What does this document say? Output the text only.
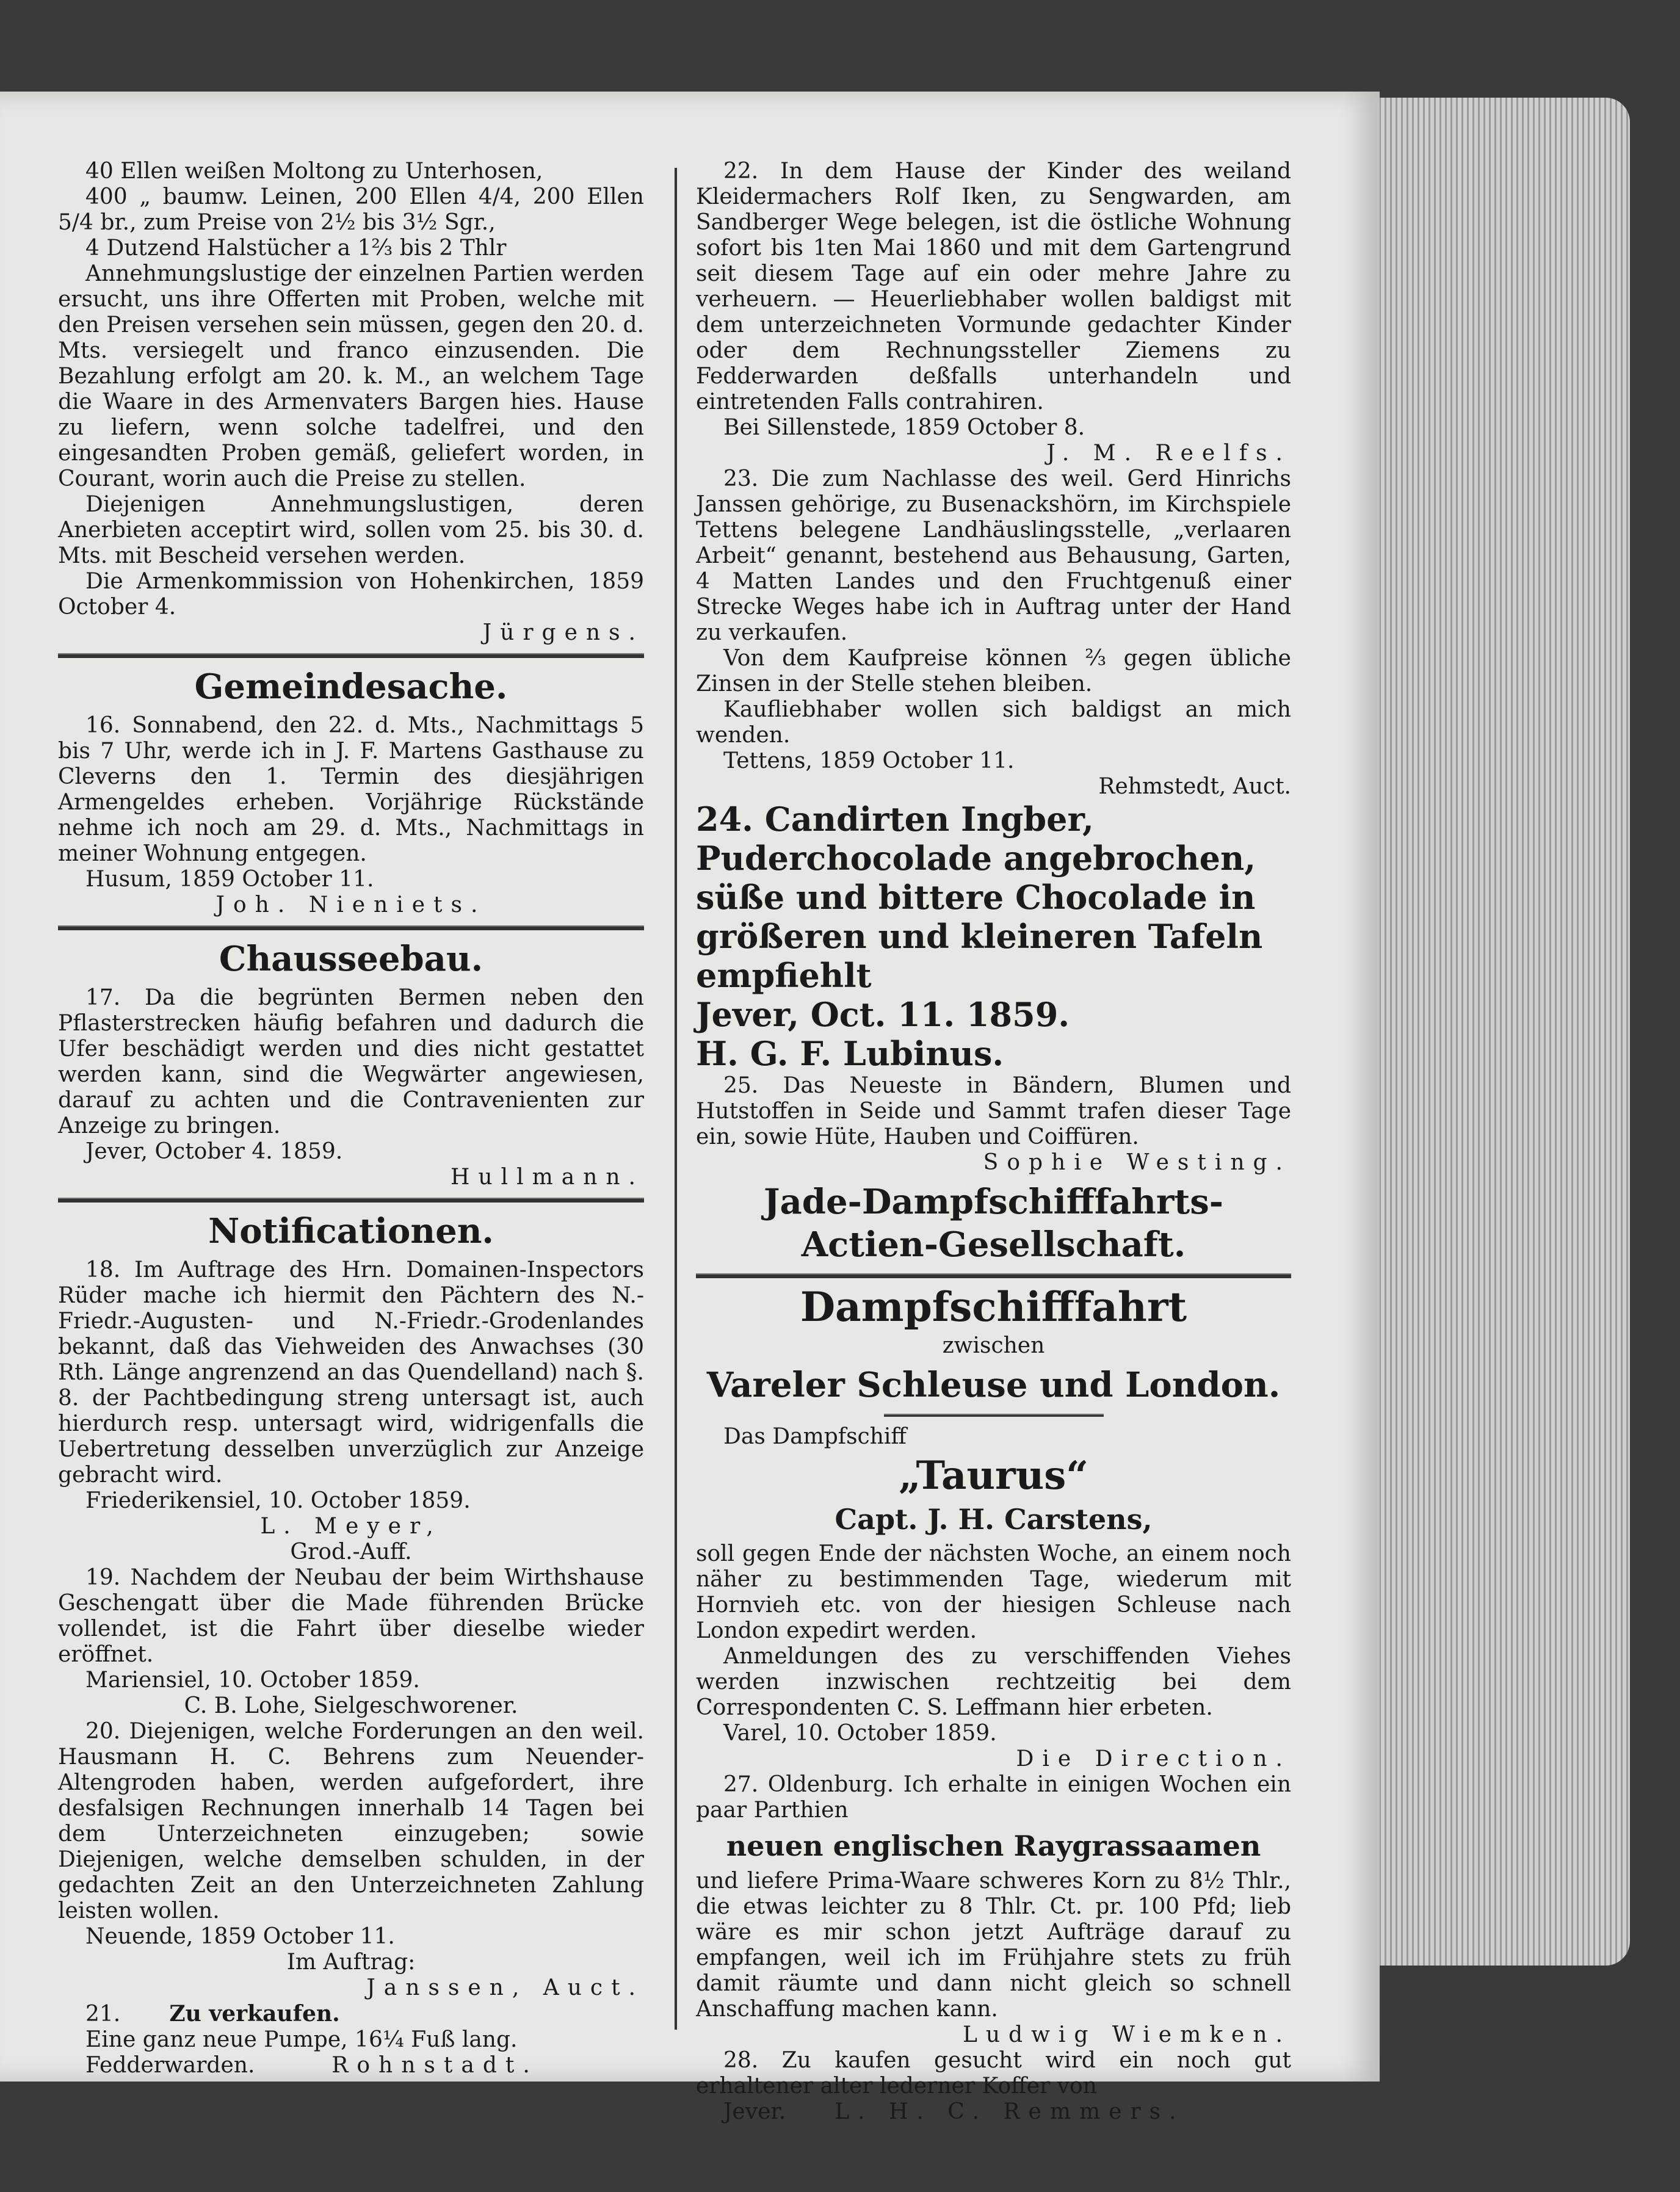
40 Ellen weißen Moltong zu Unterhosen,

400 „ baumw. Leinen, 200 Ellen 4/4, 200 Ellen 5/4 br., zum Preise von 2½ bis 3½ Sgr.,

4 Dutzend Halstücher a 1⅔ bis 2 Thlr

Annehmungslustige der einzelnen Partien werden ersucht, uns ihre Offerten mit Proben, welche mit den Preisen versehen sein müssen, gegen den 20. d. Mts. versiegelt und franco einzusenden. Die Bezahlung erfolgt am 20. k. M., an welchem Tage die Waare in des Armenvaters Bargen hies. Hause zu liefern, wenn solche tadelfrei, und den eingesandten Proben gemäß, geliefert worden, in Courant, worin auch die Preise zu stellen.

Diejenigen Annehmungslustigen, deren Anerbieten acceptirt wird, sollen vom 25. bis 30. d. Mts. mit Bescheid versehen werden.

Die Armenkommission von Hohenkirchen, 1859 October 4.

Jürgens.

Gemeindesache.

16. Sonnabend, den 22. d. Mts., Nachmittags 5 bis 7 Uhr, werde ich in J. F. Martens Gasthause zu Cleverns den 1. Termin des diesjährigen Armengeldes erheben. Vorjährige Rückstände nehme ich noch am 29. d. Mts., Nachmittags in meiner Wohnung entgegen.

Husum, 1859 October 11.

Joh. Nieniets.

Chausseebau.

17. Da die begrünten Bermen neben den Pflasterstrecken häufig befahren und dadurch die Ufer beschädigt werden und dies nicht gestattet werden kann, sind die Wegwärter angewiesen, darauf zu achten und die Contravenienten zur Anzeige zu bringen.

Jever, October 4. 1859.

Hullmann.

Notificationen.

18. Im Auftrage des Hrn. Domainen-Inspectors Rüder mache ich hiermit den Pächtern des N.-Friedr.-Augusten- und N.-Friedr.-Grodenlandes bekannt, daß das Viehweiden des Anwachses (30 Rth. Länge angrenzend an das Quendelland) nach §. 8. der Pachtbedingung streng untersagt ist, auch hierdurch resp. untersagt wird, widrigenfalls die Uebertretung desselben unverzüglich zur Anzeige gebracht wird.

Friederikensiel, 10. October 1859.

L. Meyer,

Grod.-Auff.

19. Nachdem der Neubau der beim Wirthshause Geschengatt über die Made führenden Brücke vollendet, ist die Fahrt über dieselbe wieder eröffnet.

Mariensiel, 10. October 1859.

C. B. Lohe, Sielgeschworener.

20. Diejenigen, welche Forderungen an den weil. Hausmann H. C. Behrens zum Neuender-Altengroden haben, werden aufgefordert, ihre desfalsigen Rechnungen innerhalb 14 Tagen bei dem Unterzeichneten einzugeben; sowie Diejenigen, welche demselben schulden, in der gedachten Zeit an den Unterzeichneten Zahlung leisten wollen.

Neuende, 1859 October 11.

Im Auftrag:

Janssen, Auct.

21. Zu verkaufen.

Eine ganz neue Pumpe, 16¼ Fuß lang.

Fedderwarden.	Rohnstadt.

22. In dem Hause der Kinder des weiland Kleidermachers Rolf Iken, zu Sengwarden, am Sandberger Wege belegen, ist die östliche Wohnung sofort bis 1ten Mai 1860 und mit dem Gartengrund seit diesem Tage auf ein oder mehre Jahre zu verheuern. — Heuerliebhaber wollen baldigst mit dem unterzeichneten Vormunde gedachter Kinder oder dem Rechnungssteller Ziemens zu Fedderwarden deßfalls unterhandeln und eintretenden Falls contrahiren.

Bei Sillenstede, 1859 October 8.

J. M. Reelfs.

23. Die zum Nachlasse des weil. Gerd Hinrichs Janssen gehörige, zu Busenackshörn, im Kirchspiele Tettens belegene Landhäuslingsstelle, „verlaaren Arbeit“ genannt, bestehend aus Behausung, Garten, 4 Matten Landes und den Fruchtgenuß einer Strecke Weges habe ich in Auftrag unter der Hand zu verkaufen.

Von dem Kaufpreise können ⅔ gegen übliche Zinsen in der Stelle stehen bleiben.

Kaufliebhaber wollen sich baldigst an mich wenden.

Tettens, 1859 October 11.

Rehmstedt, Auct.

24. Candirten Ingber, Puderchocolade angebrochen, süße und bittere Chocolade in größeren und kleineren Tafeln empfiehlt

Jever, Oct. 11. 1859.

H. G. F. Lubinus.

25. Das Neueste in Bändern, Blumen und Hutstoffen in Seide und Sammt trafen dieser Tage ein, sowie Hüte, Hauben und Coiffüren.

Sophie Westing.

Jade-Dampfschifffahrts-Actien-Gesellschaft.
Dampfschifffahrt

zwischen

Vareler Schleuse und London.

Das Dampfschiff

„Taurus“
Capt. J. H. Carstens,

soll gegen Ende der nächsten Woche, an einem noch näher zu bestimmenden Tage, wiederum mit Hornvieh etc. von der hiesigen Schleuse nach London expedirt werden.

Anmeldungen des zu verschiffenden Viehes werden inzwischen rechtzeitig bei dem Correspondenten C. S. Leffmann hier erbeten.

Varel, 10. October 1859.

Die Direction.

27. Oldenburg. Ich erhalte in einigen Wochen ein paar Parthien

neuen englischen Raygrassaamen

und liefere Prima-Waare schweres Korn zu 8½ Thlr., die etwas leichter zu 8 Thlr. Ct. pr. 100 Pfd; lieb wäre es mir schon jetzt Aufträge darauf zu empfangen, weil ich im Frühjahre stets zu früh damit räumte und dann nicht gleich so schnell Anschaffung machen kann.

Ludwig Wiemken.

28. Zu kaufen gesucht wird ein noch gut erhaltener alter lederner Koffer von

Jever. L. H. C. Remmers.
